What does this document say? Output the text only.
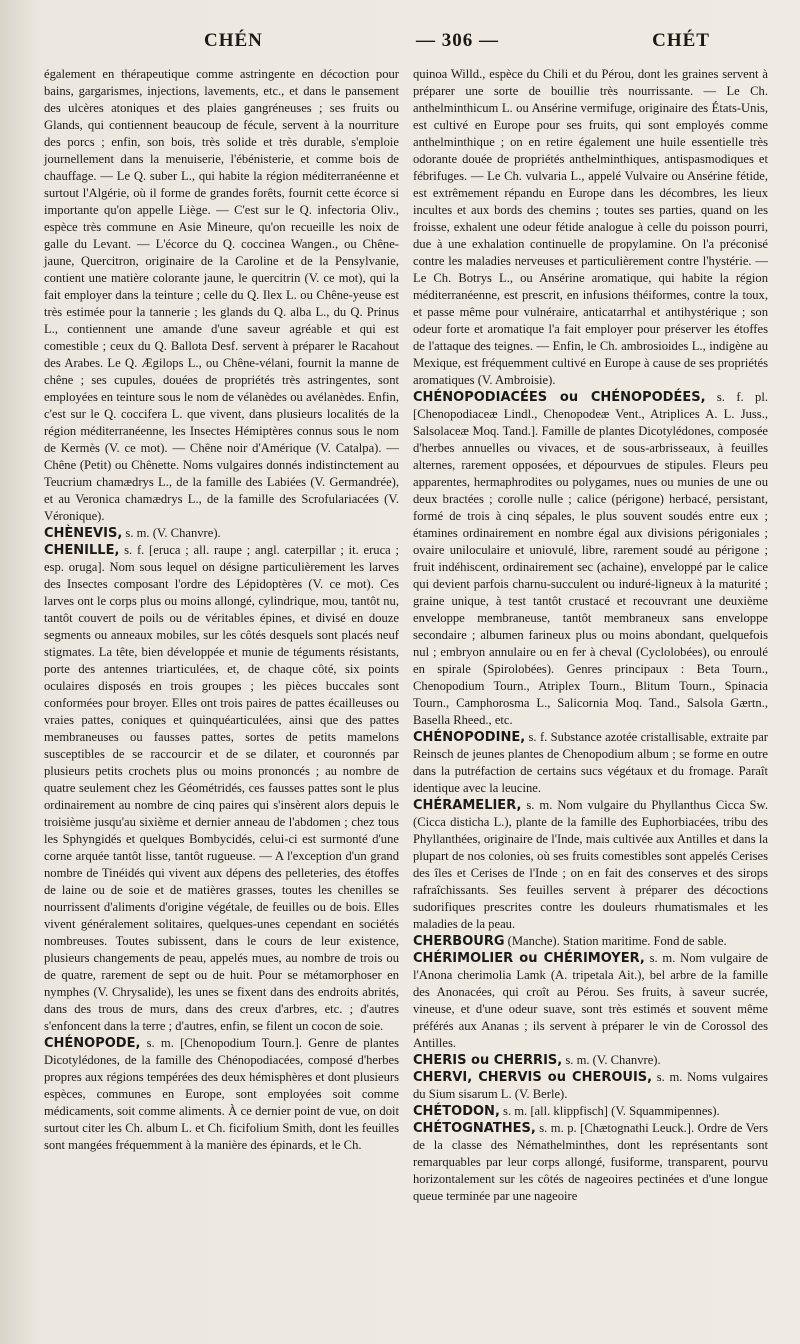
CHÉN	— 306 —	CHÉT

également en thérapeutique comme astringente en décoction pour bains, gargarismes, injections, lavements, etc., et dans le pansement des ulcères atoniques et des plaies gangréneuses ; ses fruits ou Glands, qui contiennent beaucoup de fécule, servent à la nourriture des porcs ; enfin, son bois, très solide et très durable, s'emploie journellement dans la menuiserie, l'ébénisterie, et comme bois de chauffage. — Le Q. suber L., qui habite la région méditerranéenne et surtout l'Algérie, où il forme de grandes forêts, fournit cette écorce si importante qu'on appelle Liège. — C'est sur le Q. infectoria Oliv., espèce très commune en Asie Mineure, qu'on recueille les noix de galle du Levant. — L'écorce du Q. coccinea Wangen., ou Chêne-jaune, Quercitron, originaire de la Caroline et de la Pensylvanie, contient une matière colorante jaune, le quercitrin (V. ce mot), qui la fait employer dans la teinture ; celle du Q. Ilex L. ou Chêne-yeuse est très estimée pour la tannerie ; les glands du Q. alba L., du Q. Prinus L., contiennent une amande d'une saveur agréable et qui est comestible ; ceux du Q. Ballota Desf. servent à préparer le Racahout des Arabes. Le Q. Ægilops L., ou Chêne-vélani, fournit la manne de chêne ; ses cupules, douées de propriétés très astringentes, sont employées en teinture sous le nom de vélanèdes ou avélanèdes. Enfin, c'est sur le Q. coccifera L. que vivent, dans plusieurs localités de la région méditerranéenne, les Insectes Hémiptères connus sous le nom de Kermès (V. ce mot). — Chêne noir d'Amérique (V. Catalpa). — Chêne (Petit) ou Chênette. Noms vulgaires donnés indistinctement au Teucrium chamædrys L., de la famille des Labiées (V. Germandrée), et au Veronica chamædrys L., de la famille des Scrofulariacées (V. Véronique).

CHÈNEVIS, s. m. (V. Chanvre).

CHENILLE, s. f. [eruca ; all. raupe ; angl. caterpillar ; it. eruca ; esp. oruga]. Nom sous lequel on désigne particulièrement les larves des Insectes composant l'ordre des Lépidoptères (V. ce mot). Ces larves ont le corps plus ou moins allongé, cylindrique, mou, tantôt nu, tantôt couvert de poils ou de véritables épines, et divisé en douze segments ou anneaux mobiles, sur les côtés desquels sont placés neuf stigmates. La tête, bien développée et munie de téguments résistants, porte des antennes triarticulées, et, de chaque côté, six points oculaires disposés en trois groupes ; les pièces buccales sont conformées pour broyer. Elles ont trois paires de pattes écailleuses ou vraies pattes, coniques et quinquéarticulées, ainsi que des pattes membraneuses ou fausses pattes, sortes de petits mamelons susceptibles de se raccourcir et de se dilater, et couronnés par plusieurs petits crochets plus ou moins prononcés ; au nombre de quatre seulement chez les Géométridés, ces fausses pattes sont le plus ordinairement au nombre de cinq paires qui s'insèrent alors depuis le troisième jusqu'au sixième et dernier anneau de l'abdomen ; chez tous les Sphyngidés et quelques Bombycidés, celui-ci est surmonté d'une corne arquée tantôt lisse, tantôt rugueuse. — A l'exception d'un grand nombre de Tinéidés qui vivent aux dépens des pelleteries, des étoffes de laine ou de soie et de matières grasses, toutes les chenilles se nourrissent d'aliments d'origine végétale, de feuilles ou de bois. Elles vivent généralement solitaires, quelques-unes cependant en sociétés nombreuses. Toutes subissent, dans le cours de leur existence, plusieurs changements de peau, appelés mues, au nombre de trois ou de quatre, rarement de sept ou de huit. Pour se métamorphoser en nymphes (V. Chrysalide), les unes se fixent dans des endroits abrités, dans des trous de murs, dans des creux d'arbres, etc. ; d'autres s'enfoncent dans la terre ; d'autres, enfin, se filent un cocon de soie.

CHÉNOPODE, s. m. [Chenopodium Tourn.]. Genre de plantes Dicotylédones, de la famille des Chénopodiacées, composé d'herbes propres aux régions tempérées des deux hémisphères et dont plusieurs espèces, communes en Europe, sont employées soit comme médicaments, soit comme aliments. À ce dernier point de vue, on doit surtout citer les Ch. album L. et Ch. ficifolium Smith, dont les feuilles sont mangées fréquemment à la manière des épinards, et le Ch.

quinoa Willd., espèce du Chili et du Pérou, dont les graines servent à préparer une sorte de bouillie très nourrissante. — Le Ch. anthelminthicum L. ou Ansérine vermifuge, originaire des États-Unis, est cultivé en Europe pour ses fruits, qui sont employés comme anthelminthique ; on en retire également une huile essentielle très odorante douée de propriétés anthelminthiques, antispasmodiques et fébrifuges. — Le Ch. vulvaria L., appelé Vulvaire ou Ansérine fétide, est extrêmement répandu en Europe dans les décombres, les lieux incultes et aux bords des chemins ; toutes ses parties, quand on les froisse, exhalent une odeur fétide analogue à celle du poisson pourri, due à une exhalation continuelle de propylamine. On l'a préconisé contre les maladies nerveuses et particulièrement contre l'hystérie. — Le Ch. Botrys L., ou Ansérine aromatique, qui habite la région méditerranéenne, est prescrit, en infusions théiformes, contre la toux, et passe même pour vulnéraire, anticatarrhal et antihystérique ; son odeur forte et aromatique l'a fait employer pour préserver les étoffes de l'attaque des teignes. — Enfin, le Ch. ambrosioides L., indigène au Mexique, est fréquemment cultivé en Europe à cause de ses propriétés aromatiques (V. Ambroisie).

CHÉNOPODIACÉES ou CHÉNOPODÉES, s. f. pl. [Chenopodiaceæ Lindl., Chenopodeæ Vent., Atriplices A. L. Juss., Salsolaceæ Moq. Tand.]. Famille de plantes Dicotylédones, composée d'herbes annuelles ou vivaces, et de sous-arbrisseaux, à feuilles alternes, rarement opposées, et dépourvues de stipules. Fleurs peu apparentes, hermaphrodites ou polygames, nues ou munies de une ou deux bractées ; corolle nulle ; calice (périgone) herbacé, persistant, formé de trois à cinq sépales, le plus souvent soudés entre eux ; étamines ordinairement en nombre égal aux divisions périgoniales ; ovaire uniloculaire et uniovulé, libre, rarement soudé au périgone ; fruit indéhiscent, ordinairement sec (achaine), enveloppé par le calice qui devient parfois charnu-succulent ou induré-ligneux à la maturité ; graine unique, à test tantôt crustacé et recouvrant une deuxième enveloppe membraneuse, tantôt membraneux sans enveloppe secondaire ; albumen farineux plus ou moins abondant, quelquefois nul ; embryon annulaire ou en fer à cheval (Cyclolobées), ou enroulé en spirale (Spirolobées). Genres principaux : Beta Tourn., Chenopodium Tourn., Atriplex Tourn., Blitum Tourn., Spinacia Tourn., Camphorosma L., Salicornia Moq. Tand., Salsola Gærtn., Basella Rheed., etc.

CHÉNOPODINE, s. f. Substance azotée cristallisable, extraite par Reinsch de jeunes plantes de Chenopodium album ; se forme en outre dans la putréfaction de certains sucs végétaux et du fromage. Paraît identique avec la leucine.

CHÉRAMELIER, s. m. Nom vulgaire du Phyllanthus Cicca Sw. (Cicca disticha L.), plante de la famille des Euphorbiacées, tribu des Phyllanthées, originaire de l'Inde, mais cultivée aux Antilles et dans la plupart de nos colonies, où ses fruits comestibles sont appelés Cerises des îles et Cerises de l'Inde ; on en fait des conserves et des sirops rafraîchissants. Ses feuilles servent à préparer des décoctions sudorifiques prescrites contre les douleurs rhumatismales et les maladies de la peau.

CHERBOURG (Manche). Station maritime. Fond de sable.

CHÉRIMOLIER ou CHÉRIMOYER, s. m. Nom vulgaire de l'Anona cherimolia Lamk (A. tripetala Ait.), bel arbre de la famille des Anonacées, qui croît au Pérou. Ses fruits, à saveur sucrée, vineuse, et d'une odeur suave, sont très estimés et souvent même préférés aux Ananas ; ils servent à préparer le vin de Corossol des Antilles.

CHERIS ou CHERRIS, s. m. (V. Chanvre).

CHERVI, CHERVIS ou CHEROUIS, s. m. Noms vulgaires du Sium sisarum L. (V. Berle).

CHÉTODON, s. m. [all. klippfisch] (V. Squammipennes).

CHÉTOGNATHES, s. m. p. [Chætognathi Leuck.]. Ordre de Vers de la classe des Némathelminthes, dont les représentants sont remarquables par leur corps allongé, fusiforme, transparent, pourvu horizontalement sur les côtés de nageoires pectinées et d'une longue queue terminée par une nageoire
